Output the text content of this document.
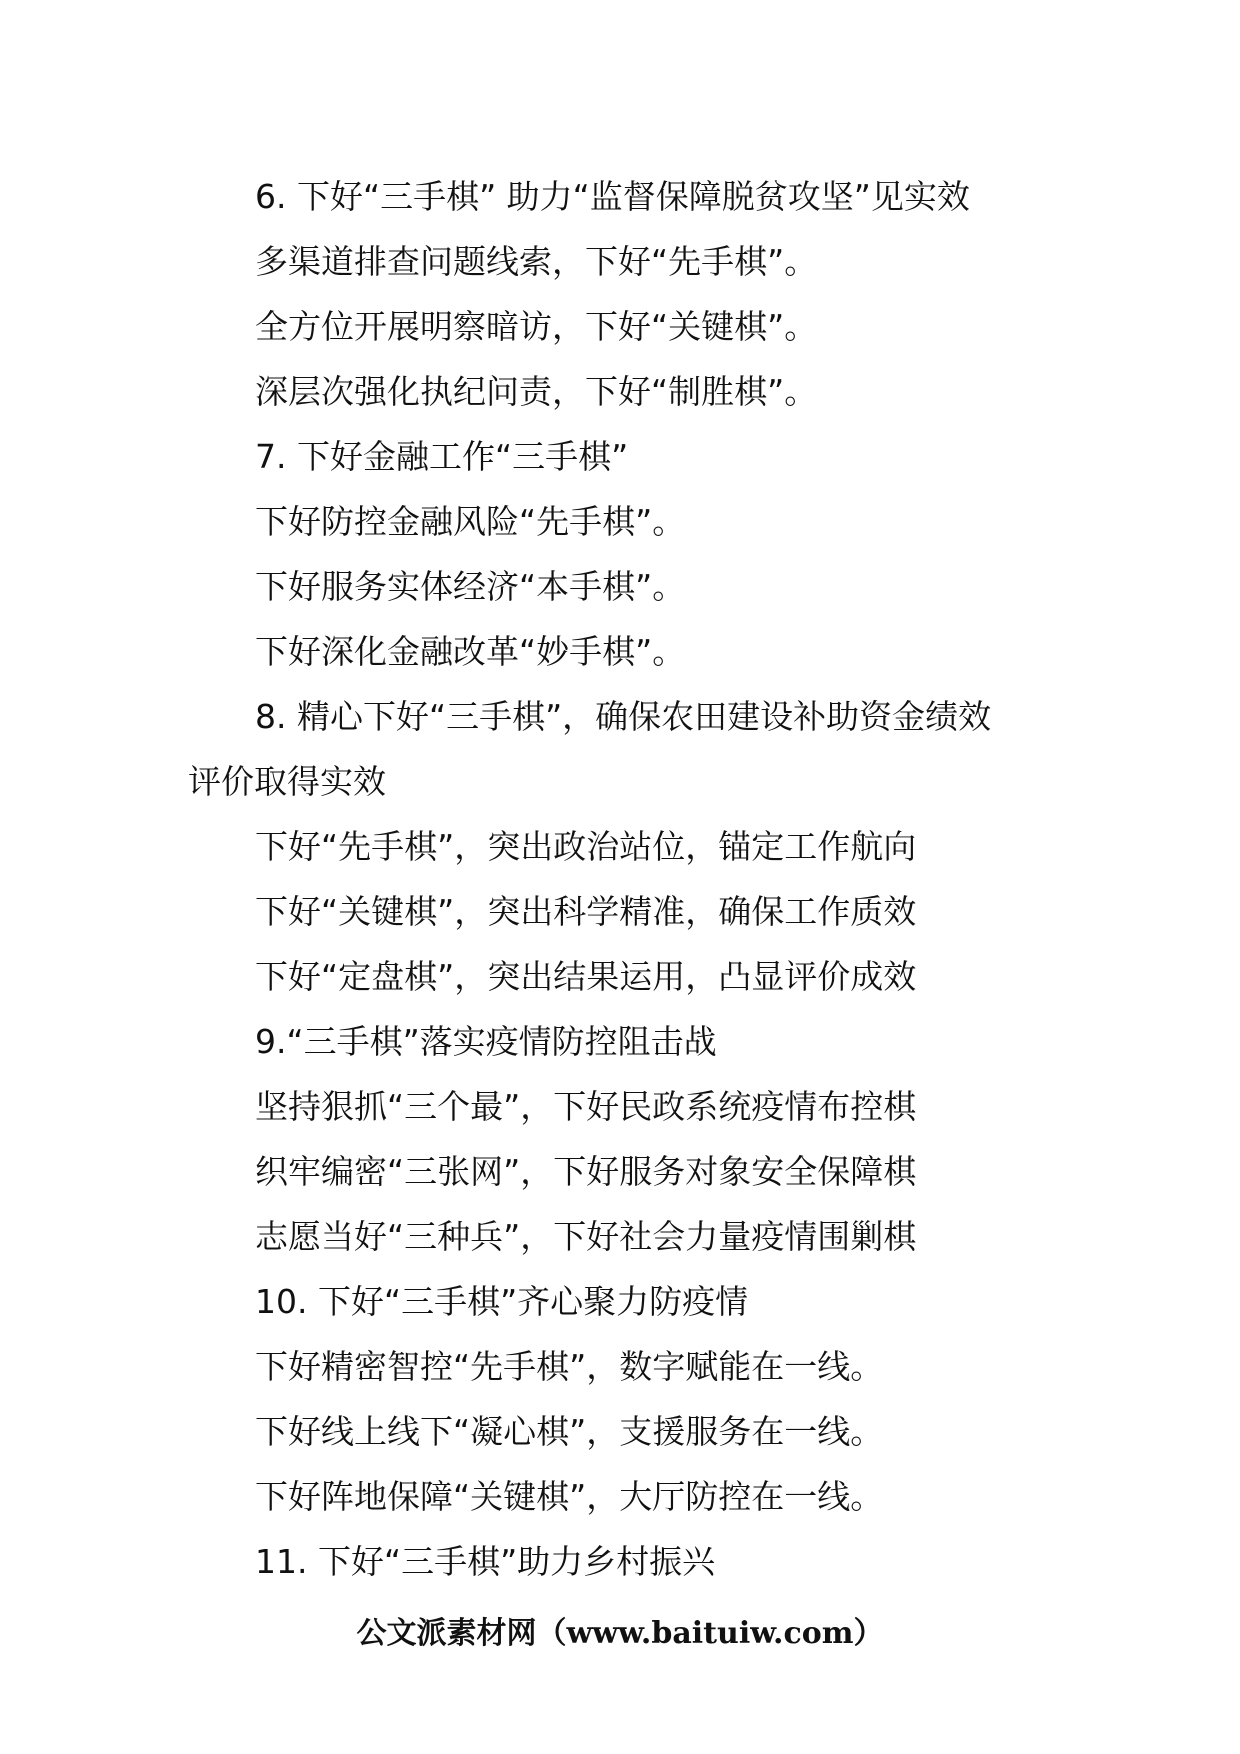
6. 下好“三手棋” 助力“监督保障脱贫攻坚”见实效
多渠道排查问题线索，下好“先手棋”。
全方位开展明察暗访，下好“关键棋”。
深层次强化执纪问责，下好“制胜棋”。
7. 下好金融工作“三手棋”
下好防控金融风险“先手棋”。
下好服务实体经济“本手棋”。
下好深化金融改革“妙手棋”。
8. 精心下好“三手棋”，确保农田建设补助资金绩效
评价取得实效
下好“先手棋”，突出政治站位，锚定工作航向
下好“关键棋”，突出科学精准，确保工作质效
下好“定盘棋”，突出结果运用，凸显评价成效
9.“三手棋”落实疫情防控阻击战
坚持狠抓“三个最”，下好民政系统疫情布控棋
织牢编密“三张网”，下好服务对象安全保障棋
志愿当好“三种兵”，下好社会力量疫情围剿棋
10. 下好“三手棋”齐心聚力防疫情
下好精密智控“先手棋”，数字赋能在一线。
下好线上线下“凝心棋”，支援服务在一线。
下好阵地保障“关键棋”，大厅防控在一线。
11. 下好“三手棋”助力乡村振兴
公文派素材网（www.baituiw.com）
